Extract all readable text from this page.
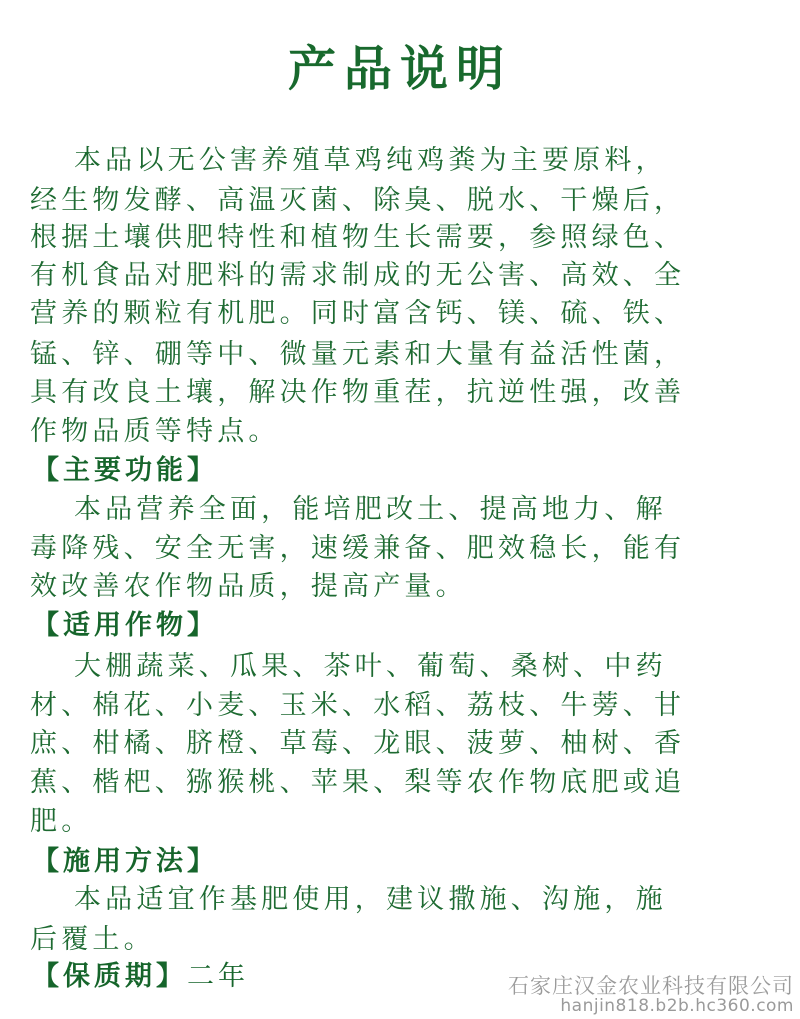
产品说明
　 本品以无公害养殖草鸡纯鸡粪为主要原料，
经生物发酵、高温灭菌、除臭、脱水、干燥后，
根据土壤供肥特性和植物生长需要，参照绿色、
有机食品对肥料的需求制成的无公害、高效、全
营养的颗粒有机肥。同时富含钙、镁、硫、铁、
锰、锌、硼等中、微量元素和大量有益活性菌，
具有改良土壤，解决作物重茬，抗逆性强，改善
作物品质等特点。
【主要功能】
　 本品营养全面，能培肥改土、提高地力、解
毒降残、安全无害，速缓兼备、肥效稳长，能有
效改善农作物品质，提高产量。
【适用作物】
　 大棚蔬菜、瓜果、茶叶、葡萄、桑树、中药
材、棉花、小麦、玉米、水稻、荔枝、牛蒡、甘
庶、柑橘、脐橙、草莓、龙眼、菠萝、柚树、香
蕉、楷杷、猕猴桃、苹果、梨等农作物底肥或追
肥。
【施用方法】
　 本品适宜作基肥使用，建议撒施、沟施，施
后覆土。
【保质期】二年	石家庄汉金农业科技有限公司
hanjin818.b2b.hc360.com
